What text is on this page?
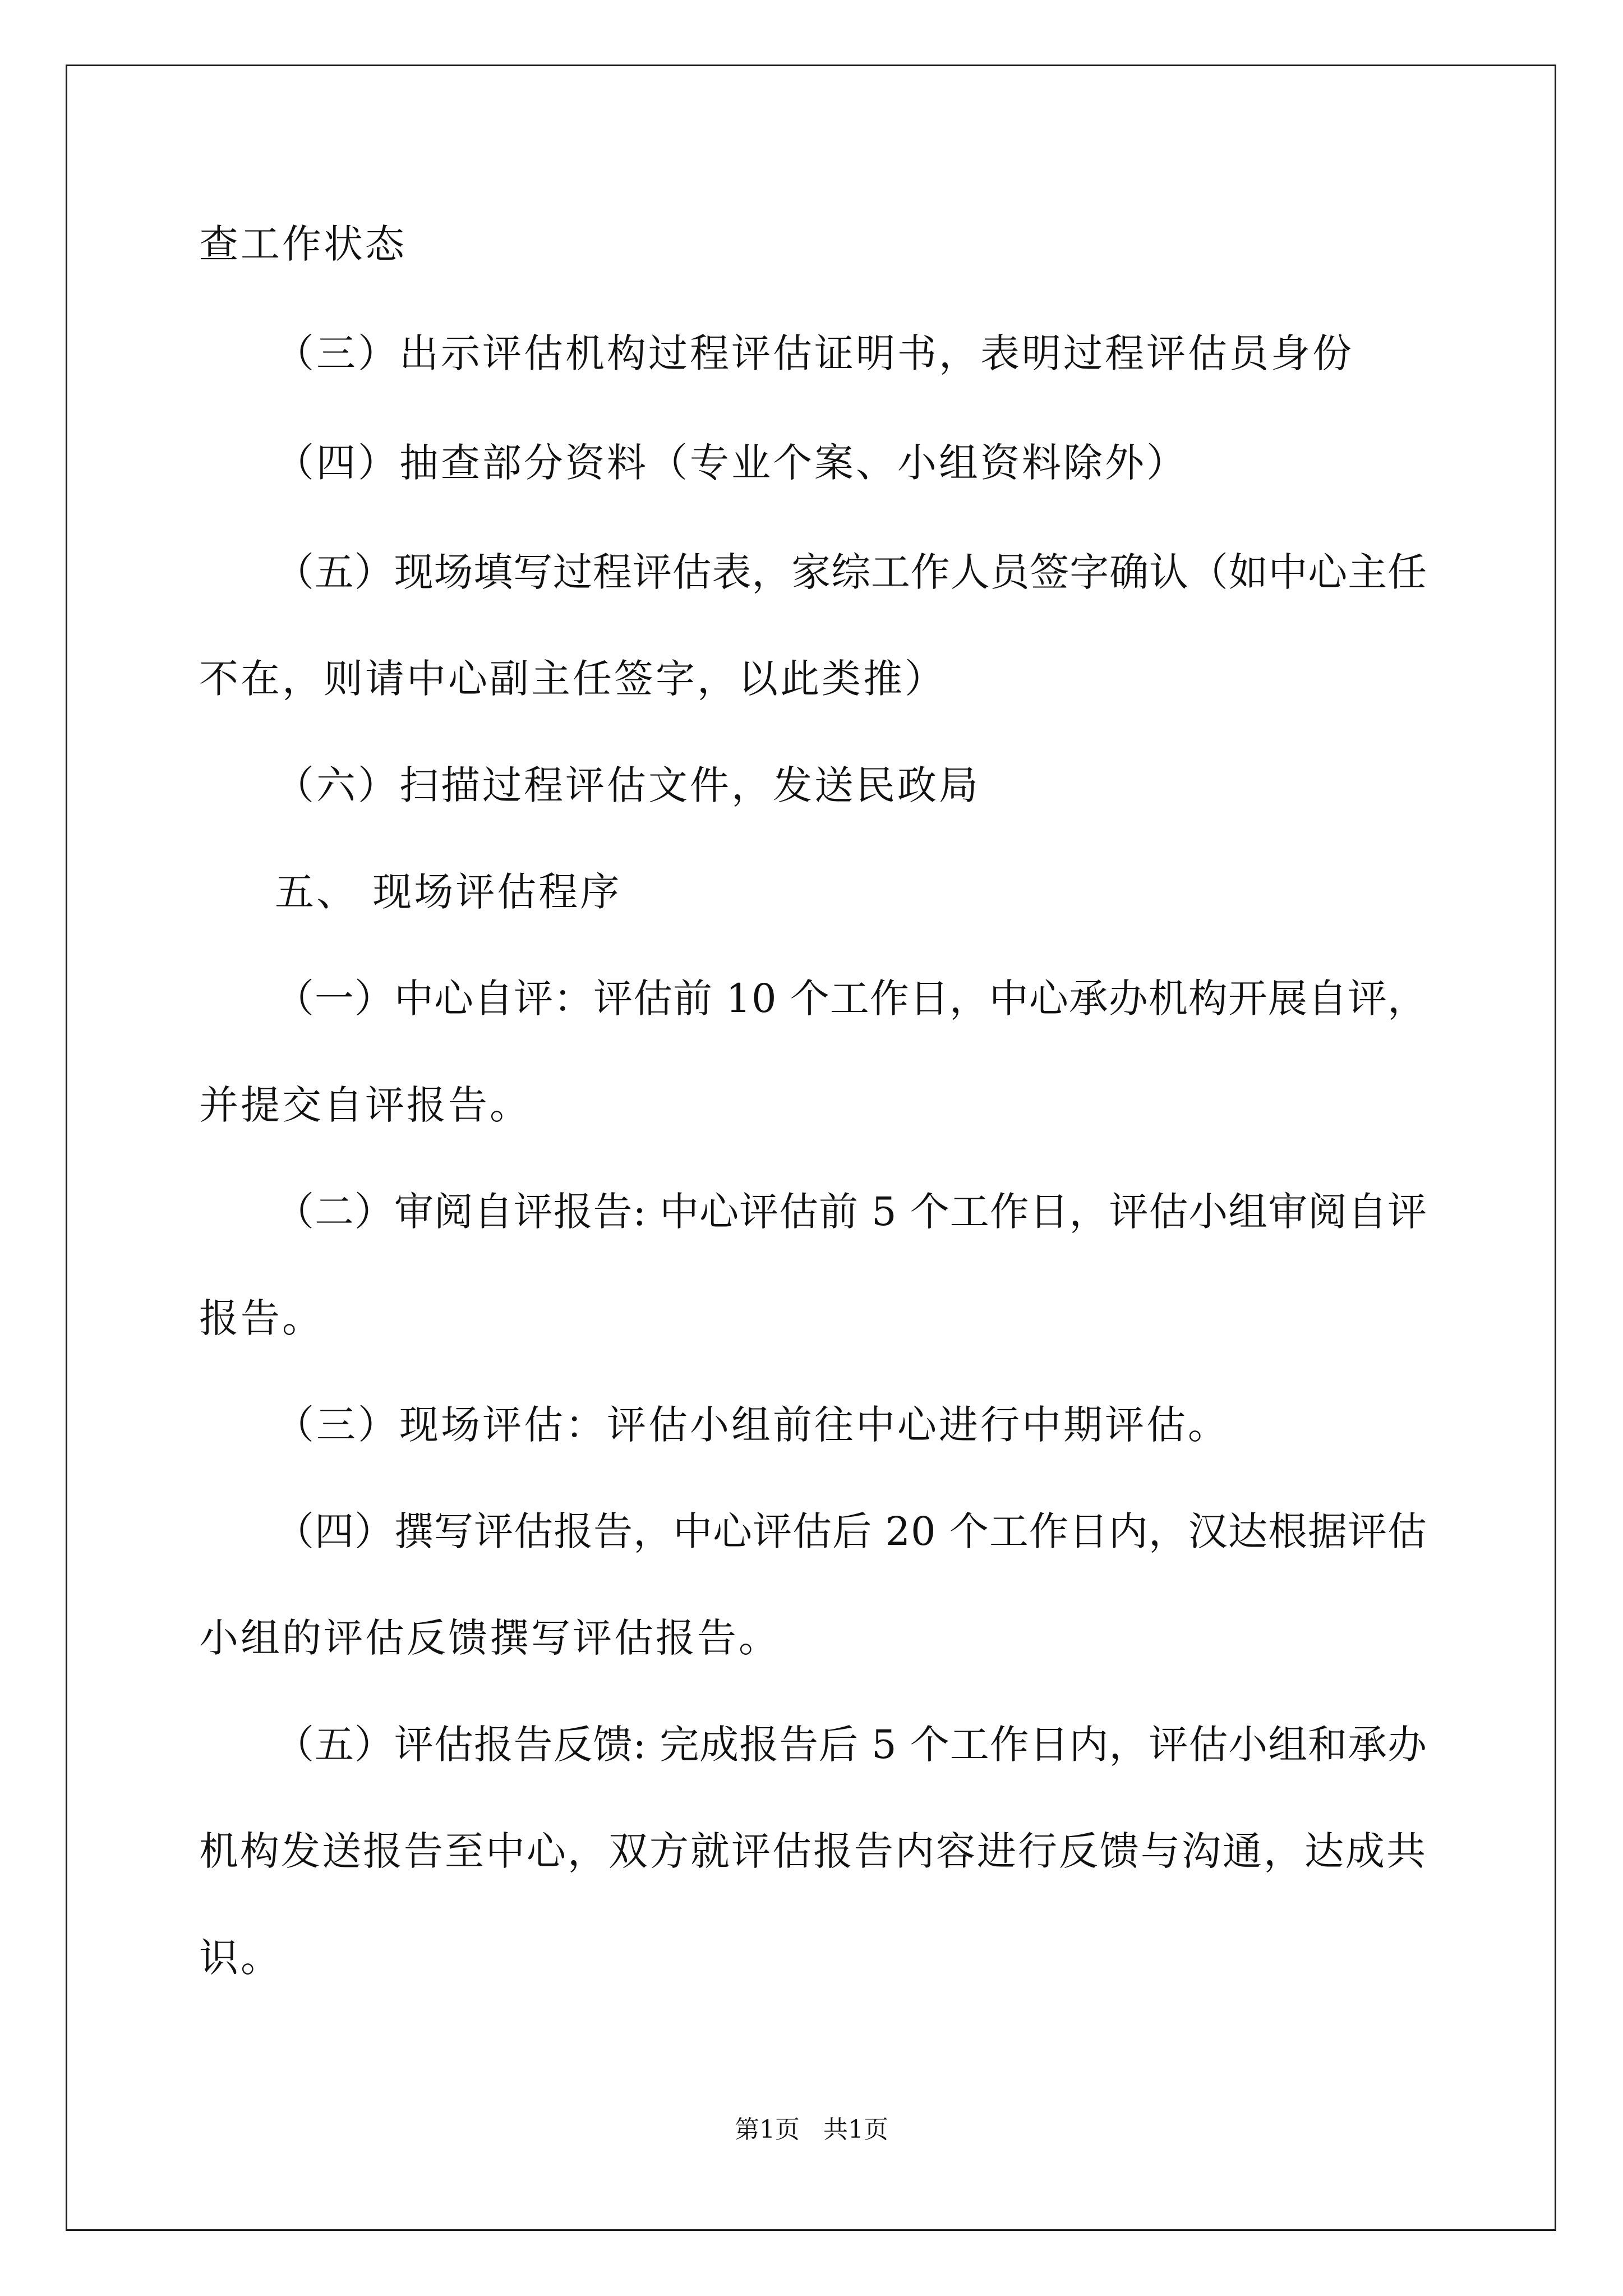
查工作状态
（三）出示评估机构过程评估证明书，表明过程评估员身份
（四）抽查部分资料（专业个案、小组资料除外）
（五）现场填写过程评估表，家综工作人员签字确认（如中心主任
不在，则请中心副主任签字，以此类推）
（六）扫描过程评估文件，发送民政局
五、 现场评估程序
（一）中心自评：评估前 10 个工作日，中心承办机构开展自评，
并提交自评报告。
（二）审阅自评报告: 中心评估前 5 个工作日，评估小组审阅自评
报告。
（三）现场评估：评估小组前往中心进行中期评估。
（四）撰写评估报告，中心评估后 20 个工作日内，汉达根据评估
小组的评估反馈撰写评估报告。
（五）评估报告反馈: 完成报告后 5 个工作日内，评估小组和承办
机构发送报告至中心，双方就评估报告内容进行反馈与沟通，达成共
识。
第1页   共1页
